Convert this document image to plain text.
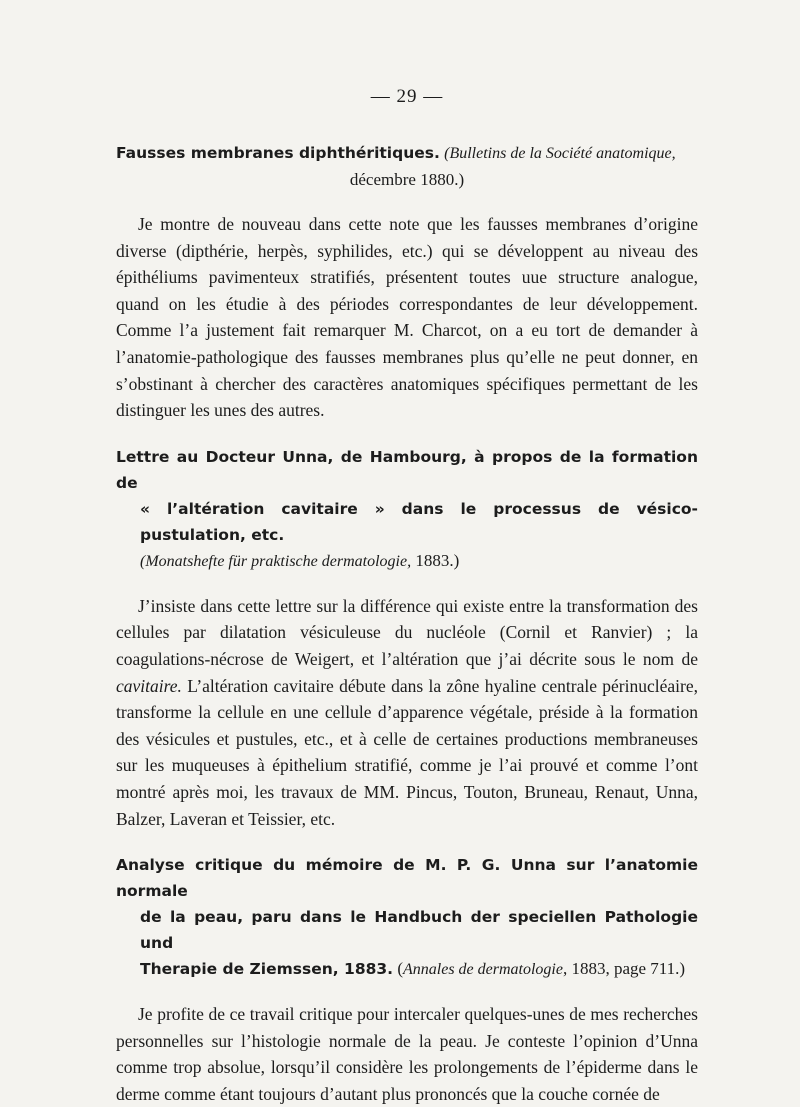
— 29 —

Fausses membranes diphthéritiques. (Bulletins de la Société anatomique,
décembre 1880.)

Je montre de nouveau dans cette note que les fausses membranes d’origine diverse (dipthérie, herpès, syphilides, etc.) qui se développent au niveau des épithéliums pavimenteux stratifiés, présentent toutes uue structure analogue, quand on les étudie à des périodes correspondantes de leur développement. Comme l’a justement fait remarquer M. Charcot, on a eu tort de demander à l’anatomie-pathologique des fausses membranes plus qu’elle ne peut donner, en s’obstinant à chercher des caractères anatomiques spécifiques permettant de les distinguer les unes des autres.

Lettre au Docteur Unna, de Hambourg, à propos de la formation de
« l’altération cavitaire » dans le processus de vésico-pustulation, etc.
(Monatshefte für praktische dermatologie, 1883.)

J’insiste dans cette lettre sur la différence qui existe entre la transformation des cellules par dilatation vésiculeuse du nucléole (Cornil et Ranvier) ; la coagulations-nécrose de Weigert, et l’altération que j’ai décrite sous le nom de cavitaire. L’altération cavitaire débute dans la zône hyaline centrale périnucléaire, transforme la cellule en une cellule d’apparence végétale, préside à la formation des vésicules et pustules, etc., et à celle de certaines productions membraneuses sur les muqueuses à épithelium stratifié, comme je l’ai prouvé et comme l’ont montré après moi, les travaux de MM. Pincus, Touton, Bruneau, Renaut, Unna, Balzer, Laveran et Teissier, etc.

Analyse critique du mémoire de M. P. G. Unna sur l’anatomie normale
de la peau, paru dans le Handbuch der speciellen Pathologie und
Therapie de Ziemssen, 1883. (Annales de dermatologie, 1883, page 711.)

Je profite de ce travail critique pour intercaler quelques-unes de mes recherches personnelles sur l’histologie normale de la peau. Je conteste l’opinion d’Unna comme trop absolue, lorsqu’il considère les prolongements de l’épiderme dans le derme comme étant toujours d’autant plus prononcés que la couche cornée de
